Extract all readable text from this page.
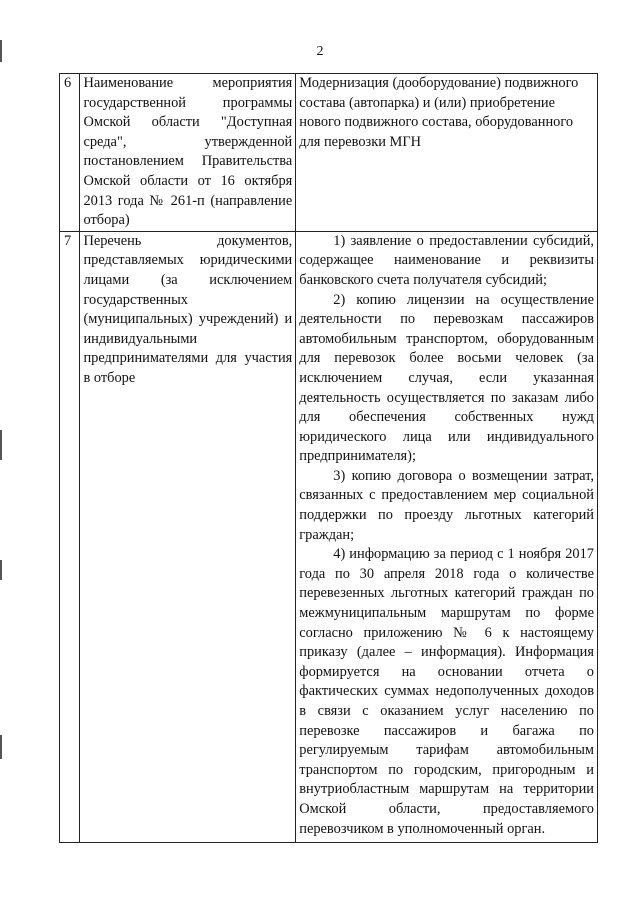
2
6	Наименование мероприятия государственной программы Омской области "Доступная среда", утвержденной постановлением Правительства Омской области от 16 октября 2013 года № 261-п (направление отбора)	Модернизация (дооборудование) подвижного состава (автопарка) и (или) приобретение нового подвижного состава, оборудованного для перевозки МГН
7	Перечень документов, представляемых юридическими лицами (за исключением государственных (муниципальных) учреждений) и индивидуальными предпринимателями для участия в отборе	1) заявление о предоставлении субсидий, содержащее наименование и реквизиты банковского счета получателя субсидий;

2) копию лицензии на осуществление деятельности по перевозкам пассажиров автомобильным транспортом, оборудованным для перевозок более восьми человек (за исключением случая, если указанная деятельность осуществляется по заказам либо для обеспечения собственных нужд юридического лица или индивидуального предпринимателя);

3) копию договора о возмещении затрат, связанных с предоставлением мер социальной поддержки по проезду льготных категорий граждан;

4) информацию за период с 1 ноября 2017 года по 30 апреля 2018 года о количестве перевезенных льготных категорий граждан по межмуниципальным маршрутам по форме согласно приложению № 6 к настоящему приказу (далее – информация). Информация формируется на основании отчета о фактических суммах недополученных доходов в связи с оказанием услуг населению по перевозке пассажиров и багажа по регулируемым тарифам автомобильным транспортом по городским, пригородным и внутриобластным маршрутам на территории Омской области, предоставляемого перевозчиком в уполномоченный орган.
